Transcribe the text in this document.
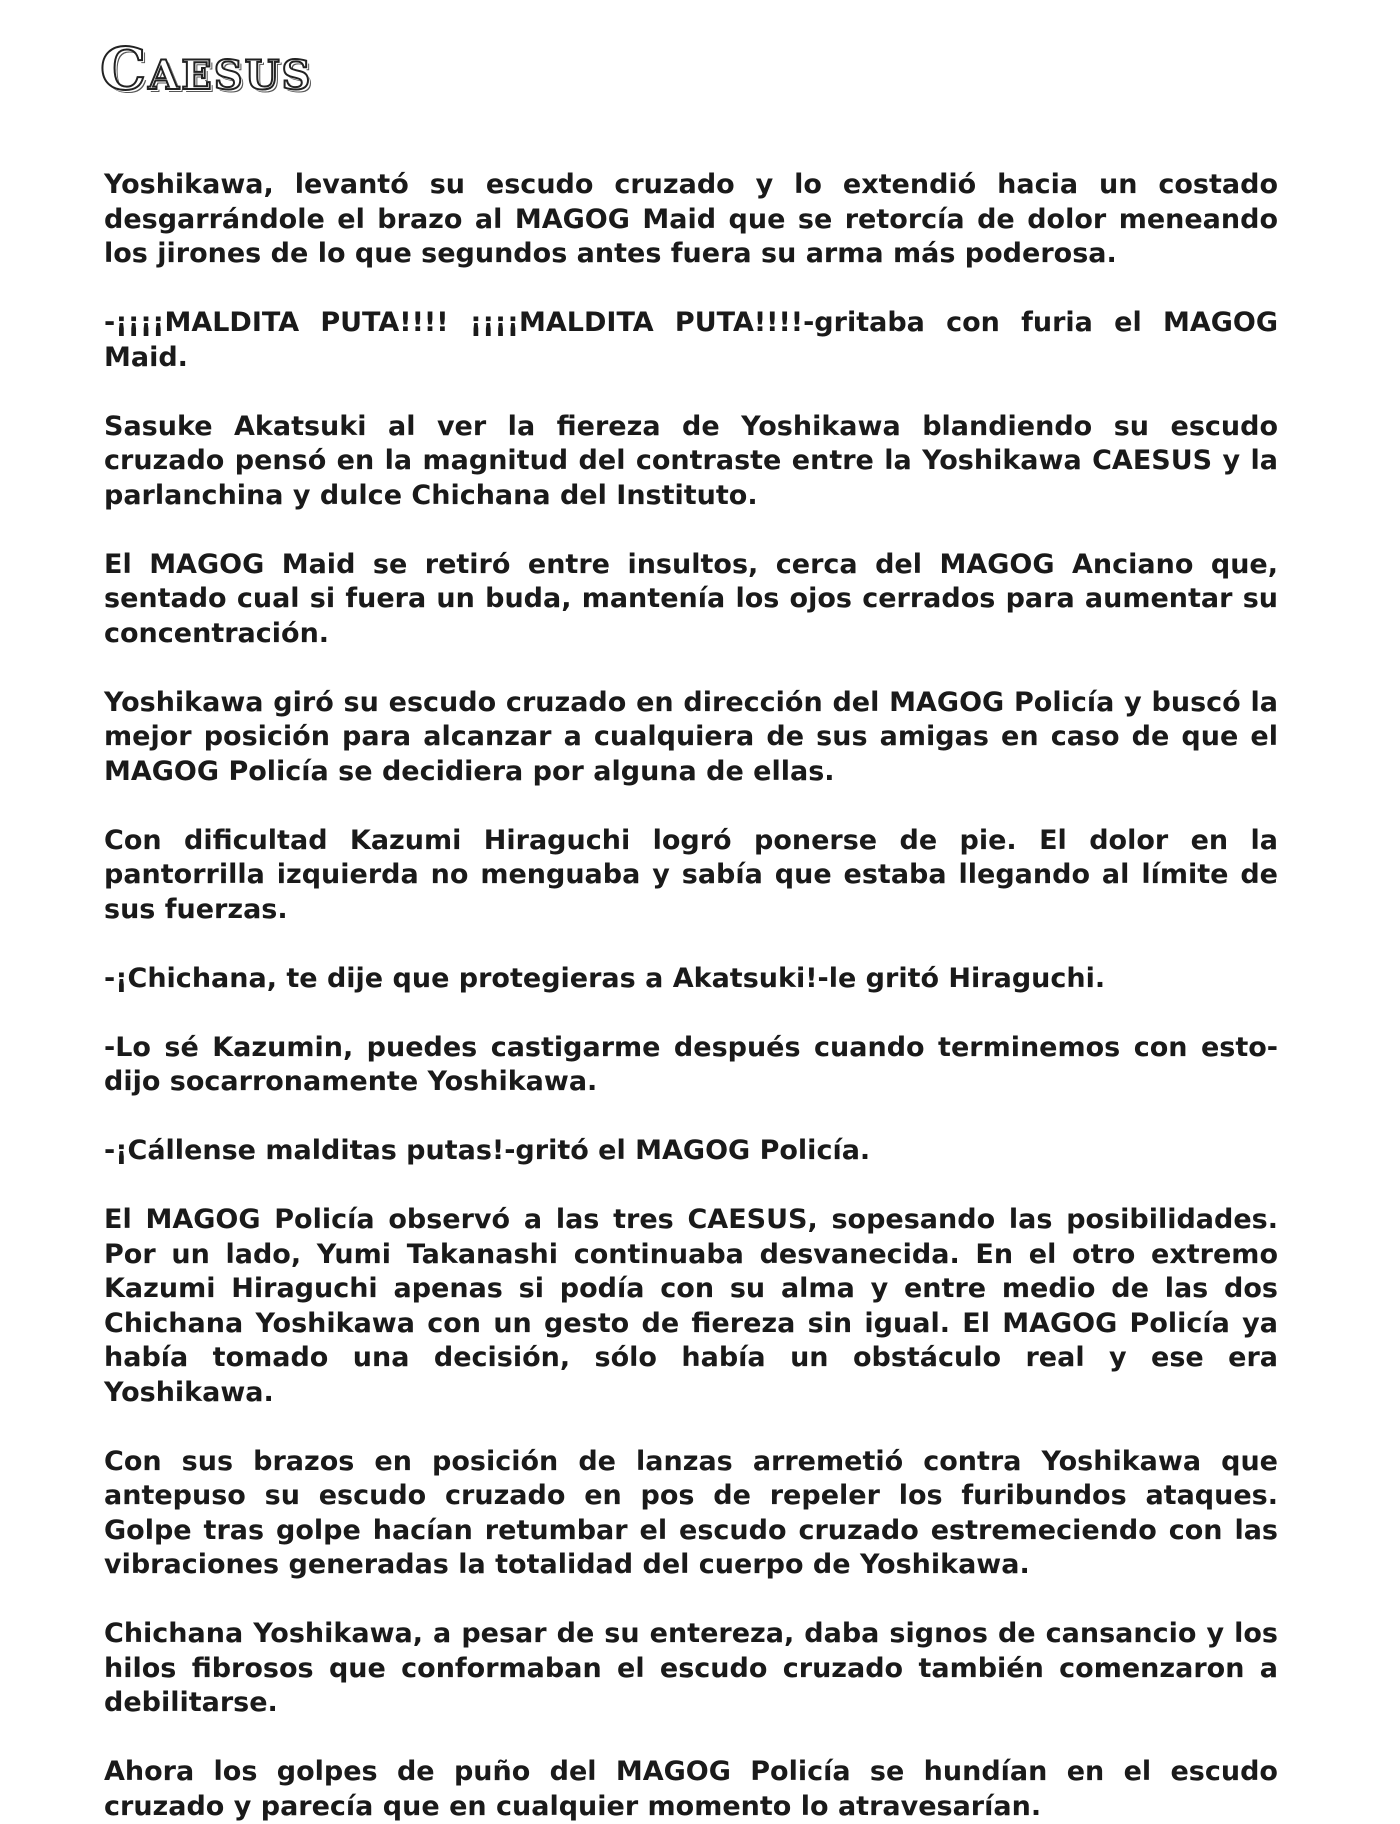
CAESUS

Yoshikawa, levantó su escudo cruzado y lo extendió hacia un costado desgarrándole el brazo al MAGOG Maid que se retorcía de dolor meneando los jirones de lo que segundos antes fuera su arma más poderosa.

-¡¡¡¡MALDITA PUTA!!!! ¡¡¡¡MALDITA PUTA!!!!-gritaba con furia el MAGOG Maid.

Sasuke Akatsuki al ver la fiereza de Yoshikawa blandiendo su escudo cruzado pensó en la magnitud del contraste entre la Yoshikawa CAESUS y la parlanchina y dulce Chichana del Instituto.

El MAGOG Maid se retiró entre insultos, cerca del MAGOG Anciano que, sentado cual si fuera un buda, mantenía los ojos cerrados para aumentar su concentración.

Yoshikawa giró su escudo cruzado en dirección del MAGOG Policía y buscó la mejor posición para alcanzar a cualquiera de sus amigas en caso de que el MAGOG Policía se decidiera por alguna de ellas.

Con dificultad Kazumi Hiraguchi logró ponerse de pie. El dolor en la pantorrilla izquierda no menguaba y sabía que estaba llegando al límite de sus fuerzas.

-¡Chichana, te dije que protegieras a Akatsuki!-le gritó Hiraguchi.

-Lo sé Kazumin, puedes castigarme después cuando terminemos con esto-dijo socarronamente Yoshikawa.

-¡Cállense malditas putas!-gritó el MAGOG Policía.

El MAGOG Policía observó a las tres CAESUS, sopesando las posibilidades. Por un lado, Yumi Takanashi continuaba desvanecida. En el otro extremo Kazumi Hiraguchi apenas si podía con su alma y entre medio de las dos Chichana Yoshikawa con un gesto de fiereza sin igual. El MAGOG Policía ya había tomado una decisión, sólo había un obstáculo real y ese era Yoshikawa.

Con sus brazos en posición de lanzas arremetió contra Yoshikawa que antepuso su escudo cruzado en pos de repeler los furibundos ataques. Golpe tras golpe hacían retumbar el escudo cruzado estremeciendo con las vibraciones generadas la totalidad del cuerpo de Yoshikawa.

Chichana Yoshikawa, a pesar de su entereza, daba signos de cansancio y los hilos fibrosos que conformaban el escudo cruzado también comenzaron a debilitarse.

Ahora los golpes de puño del MAGOG Policía se hundían en el escudo cruzado y parecía que en cualquier momento lo atravesarían.
